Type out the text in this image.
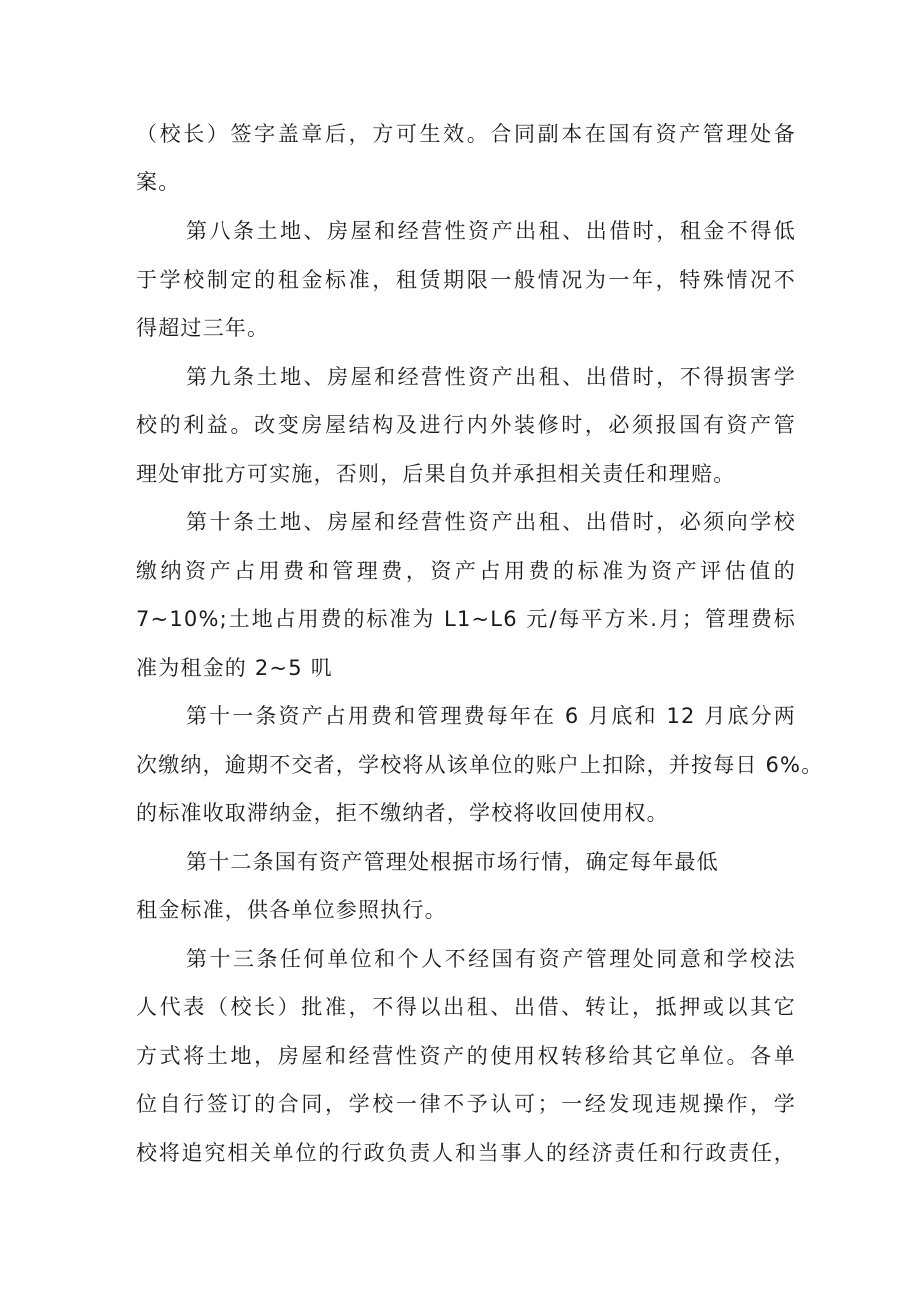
（校长）签字盖章后，方可生效。合同副本在国有资产管理处备
案。
第八条土地、房屋和经营性资产出租、出借时，租金不得低
于学校制定的租金标准，租赁期限一般情况为一年，特殊情况不
得超过三年。
第九条土地、房屋和经营性资产出租、出借时，不得损害学
校的利益。改变房屋结构及进行内外装修时，必须报国有资产管
理处审批方可实施，否则，后果自负并承担相关责任和理赔。
第十条土地、房屋和经营性资产出租、出借时，必须向学校
缴纳资产占用费和管理费，资产占用费的标准为资产评估值的
7~10%;土地占用费的标准为 L1~L6 元/每平方米.月；管理费标
准为租金的 2~5 叽
第十一条资产占用费和管理费每年在 6 月底和 12 月底分两
次缴纳，逾期不交者，学校将从该单位的账户上扣除，并按每日 6%。
的标准收取滞纳金，拒不缴纳者，学校将收回使用权。
第十二条国有资产管理处根据市场行情，确定每年最低
租金标准，供各单位参照执行。
第十三条任何单位和个人不经国有资产管理处同意和学校法
人代表（校长）批准，不得以出租、出借、转让，抵押或以其它
方式将土地，房屋和经营性资产的使用权转移给其它单位。各单
位自行签订的合同，学校一律不予认可；一经发现违规操作，学
校将追究相关单位的行政负责人和当事人的经济责任和行政责任，
